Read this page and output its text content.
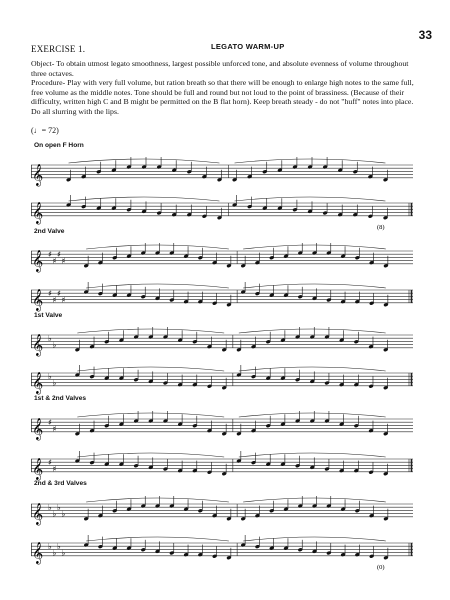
33
EXERCISE 1.	LEGATO WARM-UP

Object- To obtain utmost legato smoothness, largest possible unforced tone, and absolute evenness of volume throughout three octaves.

Procedure- Play with very full volume, but ration breath so that there will be enough to enlarge high notes to the same full, free volume as the middle notes. Tone should be full and round but not loud to the point of brassiness. (Because of their difficulty, written high C and B might be permitted on the B flat horn). Keep breath steady - do not "huff" notes into place. Do all slurring with the lips.

(♩= 72)
On open F Horn
𝄞
𝄞
(8)
2nd Valve
𝄞 ♯
♯
♯
♯
𝄞 ♯
♯
♯
♯
1st Valve
𝄞 ♭
♭
𝄞 ♭
♭
1st & 2nd Valves
𝄞 ♯
♯
𝄞 ♯
♯
2nd & 3rd Valves
𝄞 ♭
♭
♭
♭
𝄞 ♭
♭
♭
♭
(0)
